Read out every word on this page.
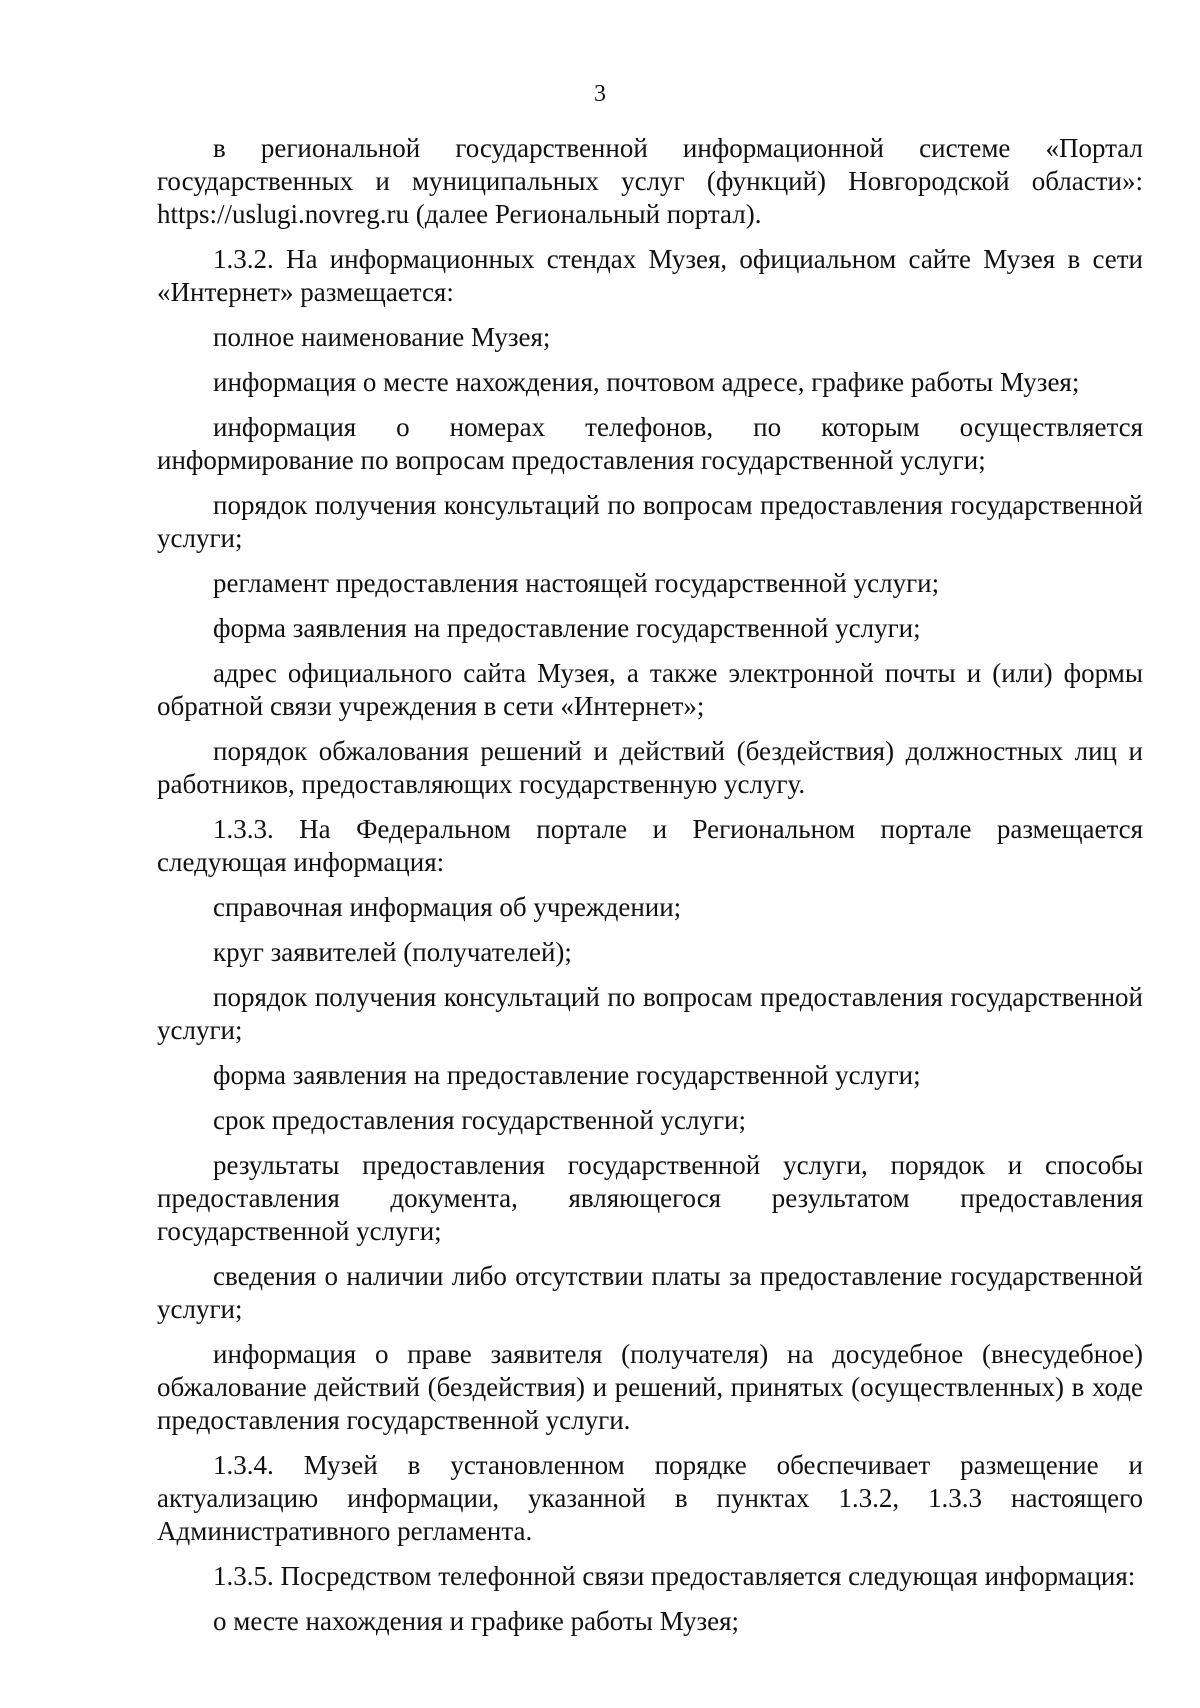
3

в региональной государственной информационной системе «Портал государственных и муниципальных услуг (функций) Новгородской области»: https://uslugi.novreg.ru (далее Региональный портал).

1.3.2. На информационных стендах Музея, официальном сайте Музея в сети «Интернет» размещается:

полное наименование Музея;

информация о месте нахождения, почтовом адресе, графике работы Музея;

информация о номерах телефонов, по которым осуществляется информирование по вопросам предоставления государственной услуги;

порядок получения консультаций по вопросам предоставления государственной услуги;

регламент предоставления настоящей государственной услуги;

форма заявления на предоставление государственной услуги;

адрес официального сайта Музея, а также электронной почты и (или) формы обратной связи учреждения в сети «Интернет»;

порядок обжалования решений и действий (бездействия) должностных лиц и работников, предоставляющих государственную услугу.

1.3.3. На Федеральном портале и Региональном портале размещается следующая информация:

справочная информация об учреждении;

круг заявителей (получателей);

порядок получения консультаций по вопросам предоставления государственной услуги;

форма заявления на предоставление государственной услуги;

срок предоставления государственной услуги;

результаты предоставления государственной услуги, порядок и способы предоставления документа, являющегося результатом предоставления государственной услуги;

сведения о наличии либо отсутствии платы за предоставление государственной услуги;

информация о праве заявителя (получателя) на досудебное (внесудебное) обжалование действий (бездействия) и решений, принятых (осуществленных) в ходе предоставления государственной услуги.

1.3.4. Музей в установленном порядке обеспечивает размещение и актуализацию информации, указанной в пунктах 1.3.2, 1.3.3 настоящего Административного регламента.

1.3.5. Посредством телефонной связи предоставляется следующая информация:

о месте нахождения и графике работы Музея;
